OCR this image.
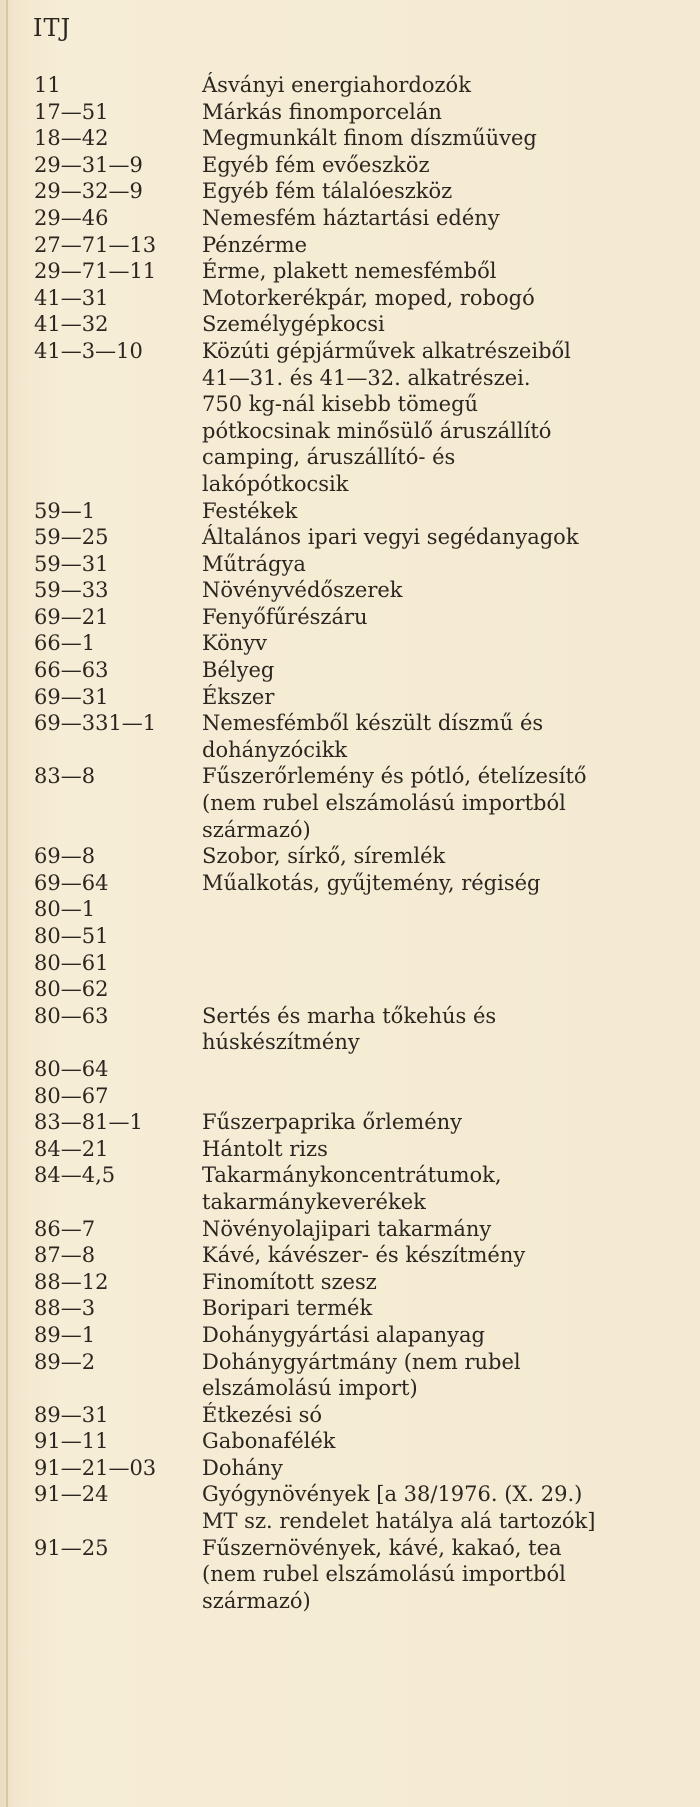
ITJ
11	Ásványi energiahordozók
17—51	Márkás finomporcelán
18—42	Megmunkált finom díszműüveg
29—31—9	Egyéb fém evőeszköz
29—32—9	Egyéb fém tálalóeszköz
29—46	Nemesfém háztartási edény
27—71—13	Pénzérme
29—71—11	Érme, plakett nemesfémből
41—31	Motorkerékpár, moped, robogó
41—32	Személygépkocsi
41—3—10	Közúti gépjárművek alkatrészeiből
41—31. és 41—32. alkatrészei.
750 kg-nál kisebb tömegű
pótkocsinak minősülő áruszállító
camping, áruszállító- és
lakópótkocsik
59—1	Festékek
59—25	Általános ipari vegyi segédanyagok
59—31	Műtrágya
59—33	Növényvédőszerek
69—21	Fenyőfűrészáru
66—1	Könyv
66—63	Bélyeg
69—31	Ékszer
69—331—1	Nemesfémből készült díszmű és
dohányzócikk
83—8	Fűszerőrlemény és pótló, ételízesítő
(nem rubel elszámolású importból
származó)
69—8	Szobor, sírkő, síremlék
69—64	Műalkotás, gyűjtemény, régiség
80—1

80—51

80—61

80—62

80—63	Sertés és marha tőkehús és
húskészítmény
80—64

80—67

83—81—1	Fűszerpaprika őrlemény
84—21	Hántolt rizs
84—4,5	Takarmánykoncentrátumok,
takarmánykeverékek
86—7	Növényolajipari takarmány
87—8	Kávé, kávészer- és készítmény
88—12	Finomított szesz
88—3	Boripari termék
89—1	Dohánygyártási alapanyag
89—2	Dohánygyártmány (nem rubel
elszámolású import)
89—31	Étkezési só
91—11	Gabonafélék
91—21—03	Dohány
91—24	Gyógynövények [a 38/1976. (X. 29.)
MT sz. rendelet hatálya alá tartozók]
91—25	Fűszernövények, kávé, kakaó, tea
(nem rubel elszámolású importból
származó)
